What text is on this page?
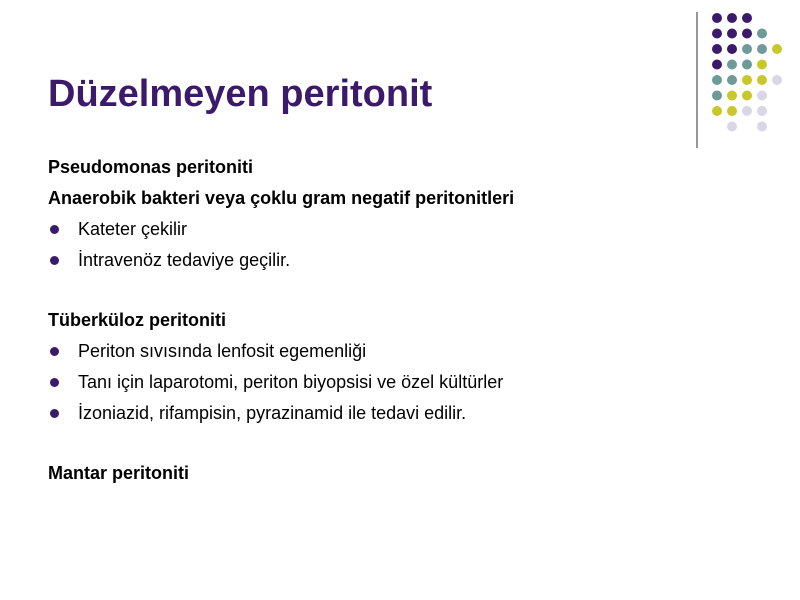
Düzelmeyen peritonit
Pseudomonas peritoniti
Anaerobik bakteri veya çoklu gram negatif peritonitleri
Kateter çekilir
İntravenöz tedaviye geçilir.
Tüberküloz peritoniti
Periton sıvısında lenfosit egemenliği
Tanı için laparotomi, periton biyopsisi ve özel kültürler
İzoniazid, rifampisin, pyrazinamid ile tedavi edilir.
Mantar peritoniti
